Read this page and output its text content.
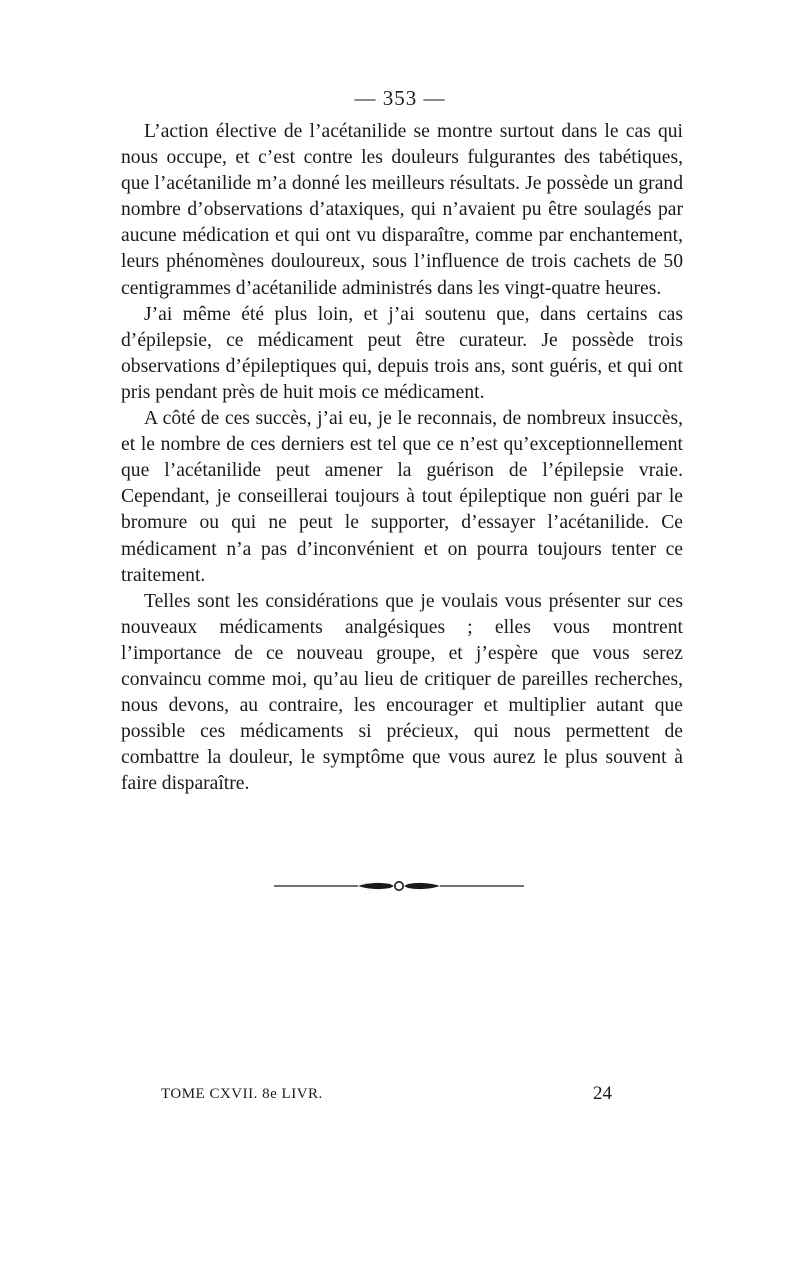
— 353 —

L’action élective de l’acétanilide se montre surtout dans le cas qui nous occupe, et c’est contre les douleurs fulgurantes des tabétiques, que l’acétanilide m’a donné les meilleurs résultats. Je possède un grand nombre d’observations d’ataxiques, qui n’avaient pu être soulagés par aucune médication et qui ont vu disparaître, comme par enchantement, leurs phénomènes douloureux, sous l’influence de trois cachets de 50 centigrammes d’acétanilide administrés dans les vingt-quatre heures.

J’ai même été plus loin, et j’ai soutenu que, dans certains cas d’épilepsie, ce médicament peut être curateur. Je possède trois observations d’épileptiques qui, depuis trois ans, sont guéris, et qui ont pris pendant près de huit mois ce médicament.

A côté de ces succès, j’ai eu, je le reconnais, de nombreux insuccès, et le nombre de ces derniers est tel que ce n’est qu’exceptionnellement que l’acétanilide peut amener la guérison de l’épilepsie vraie. Cependant, je conseillerai toujours à tout épileptique non guéri par le bromure ou qui ne peut le supporter, d’essayer l’acétanilide. Ce médicament n’a pas d’inconvénient et on pourra toujours tenter ce traitement.

Telles sont les considérations que je voulais vous présenter sur ces nouveaux médicaments analgésiques ; elles vous montrent l’importance de ce nouveau groupe, et j’espère que vous serez convaincu comme moi, qu’au lieu de critiquer de pareilles recherches, nous devons, au contraire, les encourager et multiplier autant que possible ces médicaments si précieux, qui nous permettent de combattre la douleur, le symptôme que vous aurez le plus souvent à faire disparaître.

TOME CXVII. 8e LIVR.	24
